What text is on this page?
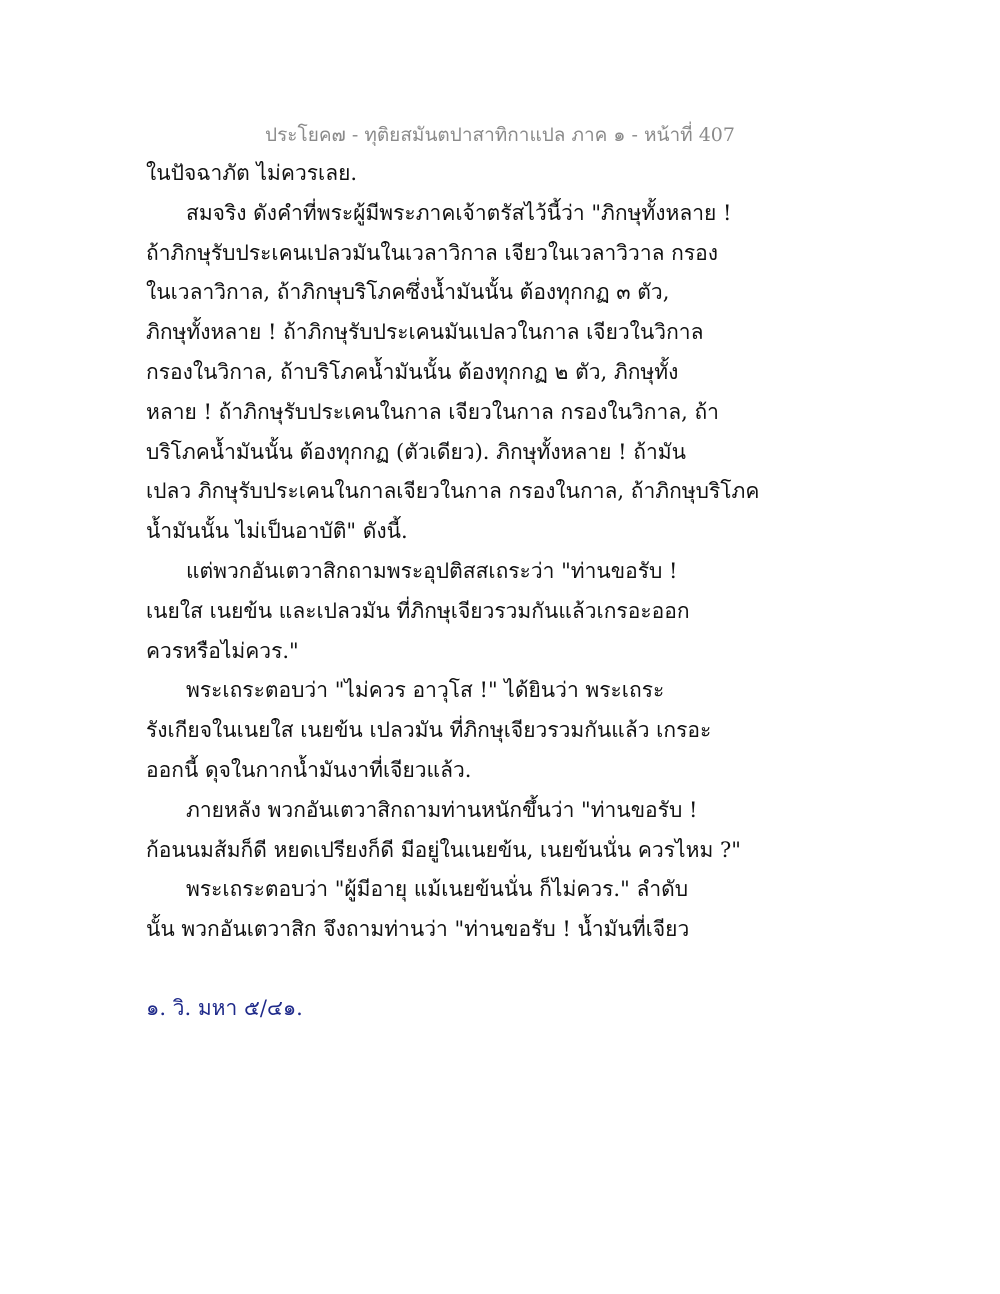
ประโยค๗ - ทุติยสมันตปาสาทิกาแปล ภาค ๑ - หน้าที่ 407
ในปัจฉาภัต ไม่ควรเลย.
สมจริง ดังคำที่พระผู้มีพระภาคเจ้าตรัสไว้นี้ว่า "ภิกษุทั้งหลาย !
ถ้าภิกษุรับประเคนเปลวมันในเวลาวิกาล เจียวในเวลาวิวาล กรอง
ในเวลาวิกาล, ถ้าภิกษุบริโภคซึ่งน้ำมันนั้น ต้องทุกกฏ ๓ ตัว,
ภิกษุทั้งหลาย ! ถ้าภิกษุรับประเคนมันเปลวในกาล เจียวในวิกาล
กรองในวิกาล, ถ้าบริโภคน้ำมันนั้น ต้องทุกกฏ ๒ ตัว, ภิกษุทั้ง
หลาย ! ถ้าภิกษุรับประเคนในกาล เจียวในกาล กรองในวิกาล, ถ้า
บริโภคน้ำมันนั้น ต้องทุกกฏ (ตัวเดียว). ภิกษุทั้งหลาย ! ถ้ามัน
เปลว ภิกษุรับประเคนในกาลเจียวในกาล กรองในกาล, ถ้าภิกษุบริโภค
น้ำมันนั้น ไม่เป็นอาบัติ" ดังนี้.
แต่พวกอันเตวาสิกถามพระอุปติสสเถระว่า "ท่านขอรับ !
เนยใส เนยข้น และเปลวมัน ที่ภิกษุเจียวรวมกันแล้วเกรอะออก
ควรหรือไม่ควร."
พระเถระตอบว่า "ไม่ควร อาวุโส !" ได้ยินว่า พระเถระ
รังเกียจในเนยใส เนยข้น เปลวมัน ที่ภิกษุเจียวรวมกันแล้ว เกรอะ
ออกนี้ ดุจในกากน้ำมันงาที่เจียวแล้ว.
ภายหลัง พวกอันเตวาสิกถามท่านหนักขึ้นว่า "ท่านขอรับ !
ก้อนนมส้มก็ดี หยดเปรียงก็ดี มีอยู่ในเนยข้น, เนยข้นนั่น ควรไหม ?"
พระเถระตอบว่า "ผู้มีอายุ แม้เนยข้นนั่น ก็ไม่ควร." ลำดับ
นั้น พวกอันเตวาสิก จึงถามท่านว่า "ท่านขอรับ ! น้ำมันที่เจียว
๑. วิ. มหา ๕/๔๑.
